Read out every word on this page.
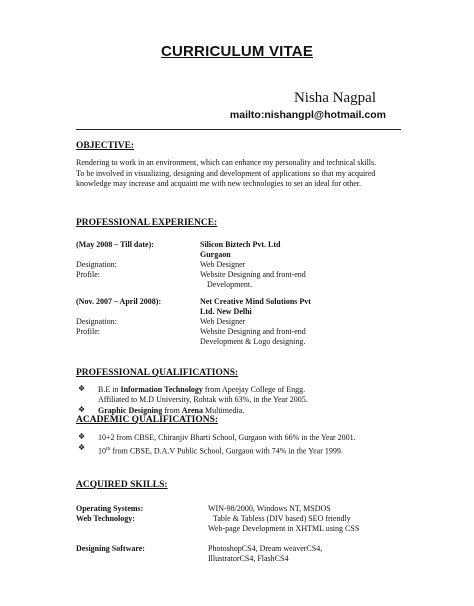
CURRICULUM VITAE
Nisha Nagpal
mailto:nishangpl@hotmail.com
OBJECTIVE:
Rendering to work in an environment, which can enhance my personality and technical skills.
To be involved in visualizing, designing and development of applications so that my acquired
knowledge may increase and acquaint me with new technologies to set an ideal for other.
PROFESSIONAL EXPERIENCE:
(May 2008 – Till date):	Silicon Biztech Pvt. Ltd
Gurgaon
Designation:	Web Designer
Profile:	Website Designing and front-end
Development.
(Nov. 2007 – April 2008):	Net Creative Mind Solutions Pvt
Ltd. New Delhi
Designation:	Web Designer
Profile:	Website Designing and front-end
Development & Logo designing.
PROFESSIONAL QUALIFICATIONS:
❖ B.E in Information Technology from Apeejay College of Engg.
Affiliated to M.D University, Rohtak with 63%, in the Year 2005.
❖ Graphic Designing from Arena Multimedia.
ACADEMIC QUALIFICATIONS:
❖ 10+2 from CBSE, Chiranjiv Bharti School, Gurgaon with 66% in the Year 2001.
❖ 10th from CBSE, D.A.V Public School, Gurgaon with 74% in the Year 1999.
ACQUIRED SKILLS:
Operating Systems:	WIN-98/2000, Windows NT, MSDOS
Web Technology:	Table & Tabless (DIV based) SEO friendly
Web-page Development in XHTML using CSS
Designing Software:	PhotoshopCS4, Dream weaverCS4,
IllustratorCS4, FlashCS4
